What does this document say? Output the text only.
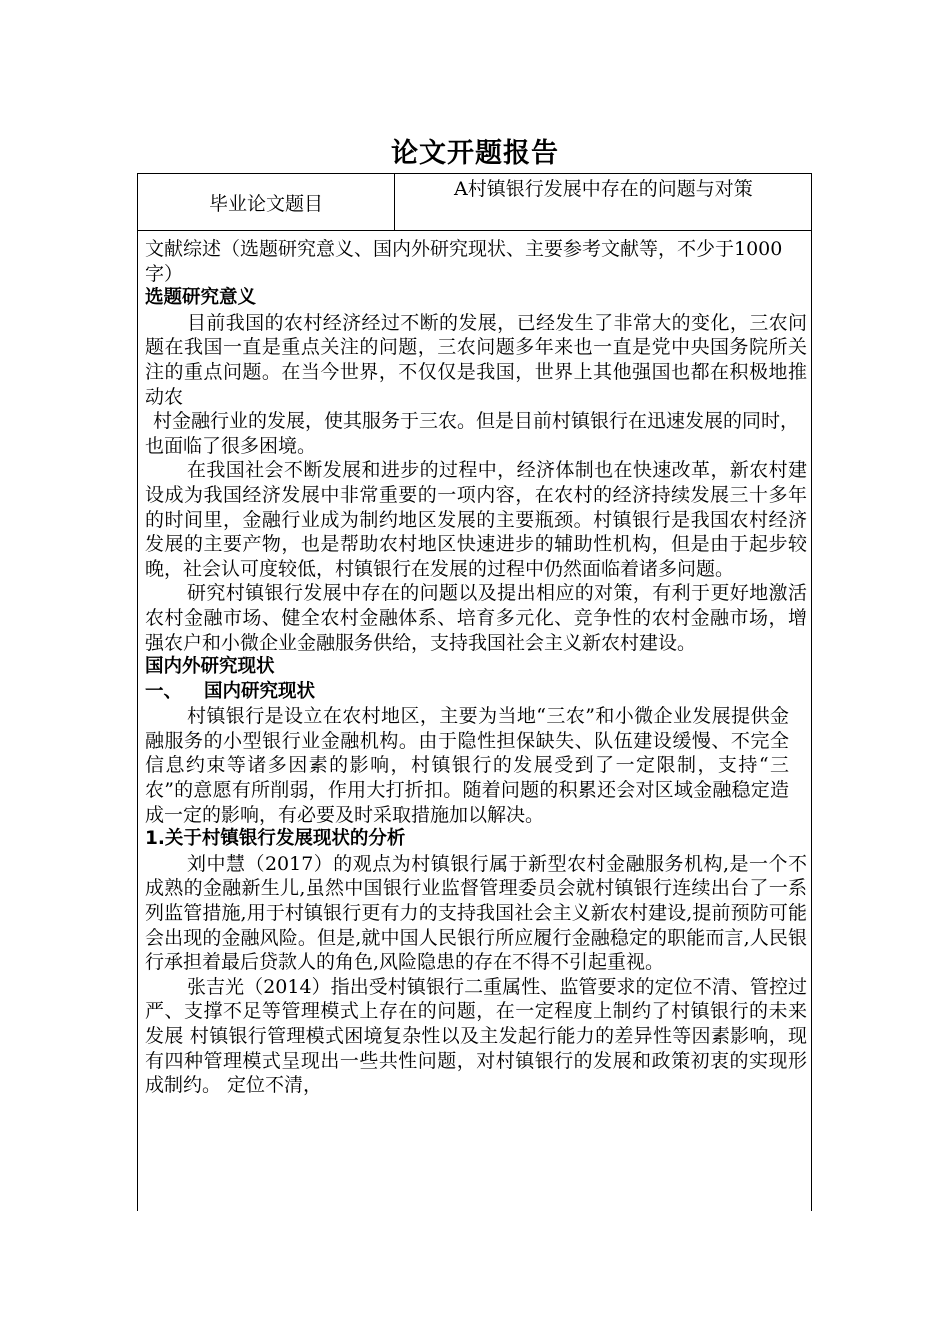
论文开题报告
毕业论文题目
A村镇银行发展中存在的问题与对策

文献综述（选题研究意义、国内外研究现状、主要参考文献等，不少于1000字）

选题研究意义

目前我国的农村经济经过不断的发展，已经发生了非常大的变化，三农问题在我国一直是重点关注的问题，三农问题多年来也一直是党中央国务院所关注的重点问题。在当今世界，不仅仅是我国，世界上其他强国也都在积极地推动农

村金融行业的发展，使其服务于三农。但是目前村镇银行在迅速发展的同时，也面临了很多困境。

在我国社会不断发展和进步的过程中，经济体制也在快速改革，新农村建设成为我国经济发展中非常重要的一项内容，在农村的经济持续发展三十多年的时间里，金融行业成为制约地区发展的主要瓶颈。村镇银行是我国农村经济发展的主要产物，也是帮助农村地区快速进步的辅助性机构，但是由于起步较晚，社会认可度较低，村镇银行在发展的过程中仍然面临着诸多问题。

研究村镇银行发展中存在的问题以及提出相应的对策，有利于更好地激活农村金融市场、健全农村金融体系、培育多元化、竞争性的农村金融市场，增强农户和小微企业金融服务供给，支持我国社会主义新农村建设。

国内外研究现状

一、 国内研究现状

村镇银行是设立在农村地区，主要为当地“三农”和小微企业发展提供金融服务的小型银行业金融机构。由于隐性担保缺失、队伍建设缓慢、不完全信息约束等诸多因素的影响，村镇银行的发展受到了一定限制，支持“三农”的意愿有所削弱，作用大打折扣。随着问题的积累还会对区域金融稳定造成一定的影响，有必要及时采取措施加以解决。

1.关于村镇银行发展现状的分析

刘中慧（2017）的观点为村镇银行属于新型农村金融服务机构,是一个不成熟的金融新生儿,虽然中国银行业监督管理委员会就村镇银行连续出台了一系列监管措施,用于村镇银行更有力的支持我国社会主义新农村建设,提前预防可能会出现的金融风险。但是,就中国人民银行所应履行金融稳定的职能而言,人民银 行承担着最后贷款人的角色,风险隐患的存在不得不引起重视。

张吉光（2014）指出受村镇银行二重属性、监管要求的定位不清、管控过严、支撑不足等管理模式上存在的问题，在一定程度上制约了村镇银行的未来发展 村镇银行管理模式困境复杂性以及主发起行能力的差异性等因素影响，现有四种管理模式呈现出一些共性问题，对村镇银行的发展和政策初衷的实现形成制约。 定位不清，
